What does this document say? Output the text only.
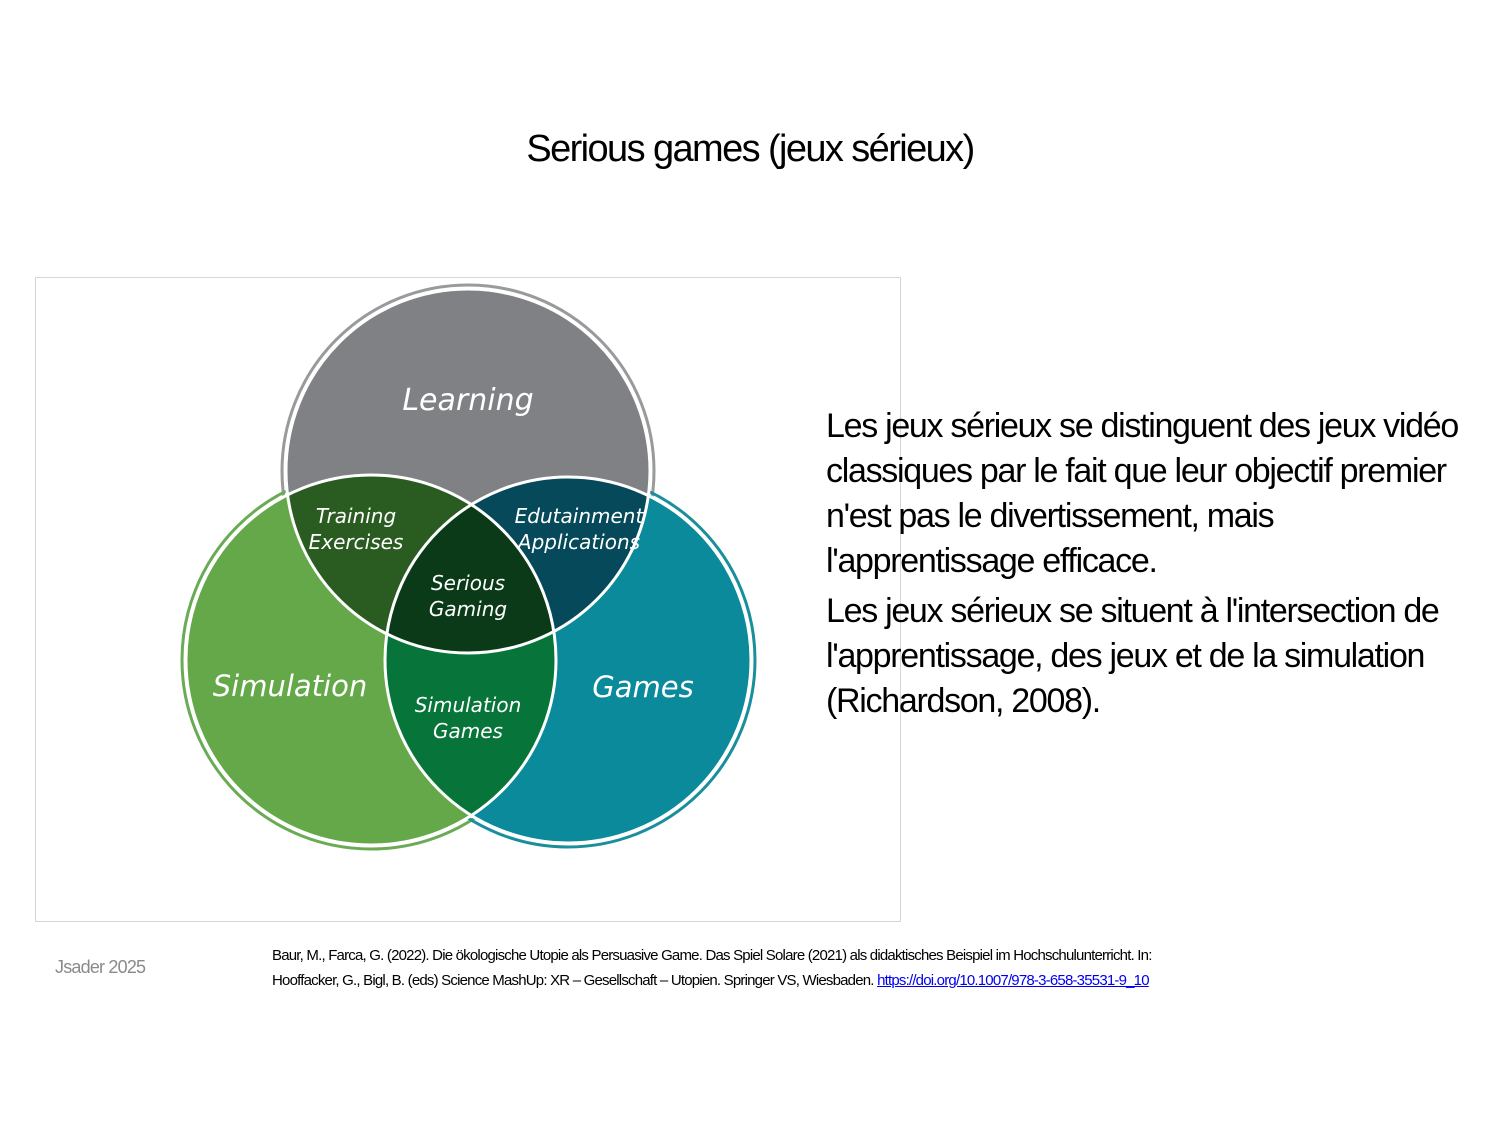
Serious games (jeux sérieux)
Learning
Simulation	Games
Training
Exercises
Edutainment
Applications
Serious
Gaming
Simulation
Games

Les jeux sérieux se distinguent des jeux vidéo classiques par le fait que leur objectif premier n'est pas le divertissement, mais l'apprentissage efficace.

Les jeux sérieux se situent à l'intersection de l'apprentissage, des jeux et de la simulation (Richardson, 2008).

Jsader 2025
Baur, M., Farca, G. (2022). Die ökologische Utopie als Persuasive Game. Das Spiel Solare (2021) als didaktisches Beispiel im Hochschulunterricht. In:
Hooffacker, G., Bigl, B. (eds) Science MashUp: XR – Gesellschaft – Utopien. Springer VS, Wiesbaden. https://doi.org/10.1007/978-3-658-35531-9_10
